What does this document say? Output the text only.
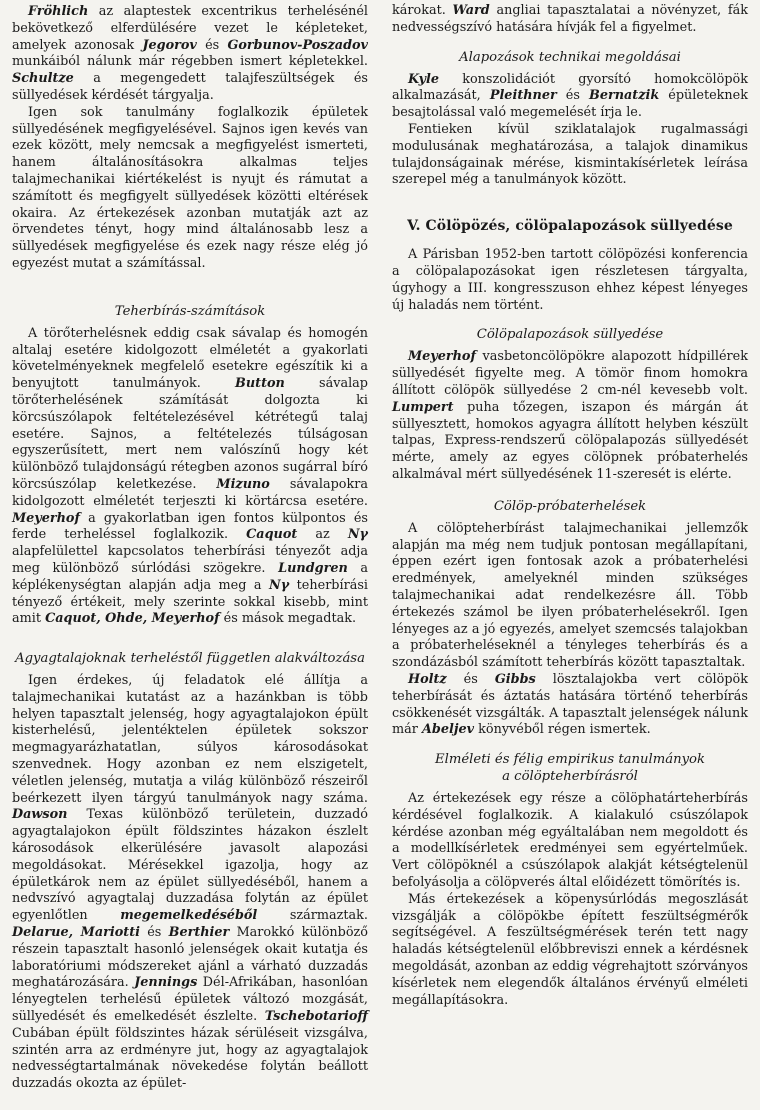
Fröhlich az alaptestek excentrikus terhelésénél bekövetkező elferdülésére vezet le képleteket, amelyek azonosak Jegorov és Gorbunov-Poszadov munkáiból nálunk már régebben ismert képletekkel. Schultze a megengedett talajfeszültségek és süllyedések kérdését tárgyalja.

Igen sok tanulmány foglalkozik épületek süllyedésének megfigyelésével. Sajnos igen kevés van ezek között, mely nemcsak a megfigyelést ismerteti, hanem általánosításokra alkalmas teljes talajmechanikai kiértékelést is nyujt és rámutat a számított és megfigyelt süllyedések közötti eltérések okaira. Az értekezések azonban mutatják azt az örvendetes tényt, hogy mind általánosabb lesz a süllyedések megfigyelése és ezek nagy része elég jó egyezést mutat a számítással.

Teherbírás-számítások

A törőterhelésnek eddig csak sávalap és homogén altalaj esetére kidolgozott elméletét a gyakorlati követelményeknek megfelelő esetekre egészítik ki a benyujtott tanulmányok. Button sávalap törőterhelésének számítását dolgozta ki körcsúszólapok feltételezésével kétrétegű talaj esetére. Sajnos, a feltételezés túlságosan egyszerűsített, mert nem valószínű hogy két különböző tulajdonságú rétegben azonos sugárral bíró körcsúszólap keletkezése. Mizuno sávalapokra kidolgozott elméletét terjeszti ki körtárcsa esetére. Meyerhof a gyakorlatban igen fontos külpontos és ferde terheléssel foglalkozik. Caquot az Nγ alapfelülettel kapcsolatos teherbírási tényezőt adja meg különböző súrlódási szögekre. Lundgren a képlékenységtan alapján adja meg a Nγ teherbírási tényező értékeit, mely szerinte sokkal kisebb, mint amit Caquot, Ohde, Meyerhof és mások megadtak.

Agyagtalajoknak terheléstől független alakváltozása

Igen érdekes, új feladatok elé állítja a talajmechanikai kutatást az a hazánkban is több helyen tapasztalt jelenség, hogy agyagtalajokon épült kisterhelésű, jelentéktelen épületek sokszor megmagyarázhatatlan, súlyos károsodásokat szenvednek. Hogy azonban ez nem elszigetelt, véletlen jelenség, mutatja a világ különböző részeiről beérkezett ilyen tárgyú tanulmányok nagy száma. Dawson Texas különböző területein, duzzadó agyagtalajokon épült földszintes házakon észlelt károsodások elkerülésére javasolt alapozási megoldásokat. Mérésekkel igazolja, hogy az épületkárok nem az épület süllyedéséből, hanem a nedvszívó agyagtalaj duzzadása folytán az épület egyenlőtlen megemelkedéséből származtak. Delarue, Mariotti és Berthier Marokkó különböző részein tapasztalt hasonló jelenségek okait kutatja és laboratóriumi módszereket ajánl a várható duzzadás meghatározására. Jennings Dél-Afrikában, hasonlóan lényegtelen terhelésű épületek változó mozgását, süllyedését és emelkedését észlelte. Tschebotarioff Cubában épült földszintes házak sérüléseit vizsgálva, szintén arra az erdményre jut, hogy az agyagtalajok nedvességtartalmának növekedése folytán beállott duzzadás okozta az épület-

károkat. Ward angliai tapasztalatai a növényzet, fák nedvességszívó hatására hívják fel a figyelmet.

Alapozások technikai megoldásai

Kyle konszolidációt gyorsító homokcölöpök alkalmazását, Pleithner és Bernatzik épületeknek besajtolással való megemelését írja le.

Fentieken kívül sziklatalajok rugalmassági modulusának meghatározása, a talajok dinamikus tulajdonságainak mérése, kismintakísérletek leírása szerepel még a tanulmányok között.

V. Cölöpözés, cölöpalapozások süllyedése

A Párisban 1952-ben tartott cölöpözési konferencia a cölöpalapozásokat igen részletesen tárgyalta, úgyhogy a III. kongresszuson ehhez képest lényeges új haladás nem történt.

Cölöpalapozások süllyedése

Meyerhof vasbetoncölöpökre alapozott hídpillérek süllyedését figyelte meg. A tömör finom homokra állított cölöpök süllyedése 2 cm-nél kevesebb volt. Lumpert puha tőzegen, iszapon és márgán át süllyesztett, homokos agyagra állított helyben készült talpas, Express-rendszerű cölöpalapozás süllyedését mérte, amely az egyes cölöpnek próbaterhelés alkalmával mért süllyedésének 11-szeresét is elérte.

Cölöp-próbaterhelések

A cölöpteherbírást talajmechanikai jellemzők alapján ma még nem tudjuk pontosan megállapítani, éppen ezért igen fontosak azok a próbaterhelési eredmények, amelyeknél minden szükséges talajmechanikai adat rendelkezésre áll. Több értekezés számol be ilyen próbaterhelésekről. Igen lényeges az a jó egyezés, amelyet szemcsés talajokban a próbaterheléseknél a tényleges teherbírás és a szondázásból számított teherbírás között tapasztaltak.

Holtz és Gibbs lösztalajokba vert cölöpök teherbírását és áztatás hatására történő teherbírás csökkenését vizsgálták. A tapasztalt jelenségek nálunk már Abeljev könyvéből régen ismertek.

Elméleti és félig empirikus tanulmányok
a cölöpteherbírásról

Az értekezések egy része a cölöphatárteherbírás kérdésével foglalkozik. A kialakuló csúszólapok kérdése azonban még egyáltalában nem megoldott és a modellkísérletek eredményei sem egyértelműek. Vert cölöpöknél a csúszólapok alakját kétségtelenül befolyásolja a cölöpverés által előidézett tömörítés is.

Más értekezések a köpenysúrlódás megoszlását vizsgálják a cölöpökbe épített feszültségmérők segítségével. A feszültségmérések terén tett nagy haladás kétségtelenül előbbreviszi ennek a kérdésnek megoldását, azonban az eddig végrehajtott szórványos kísérletek nem elegendők általános érvényű elméleti megállapításokra.
